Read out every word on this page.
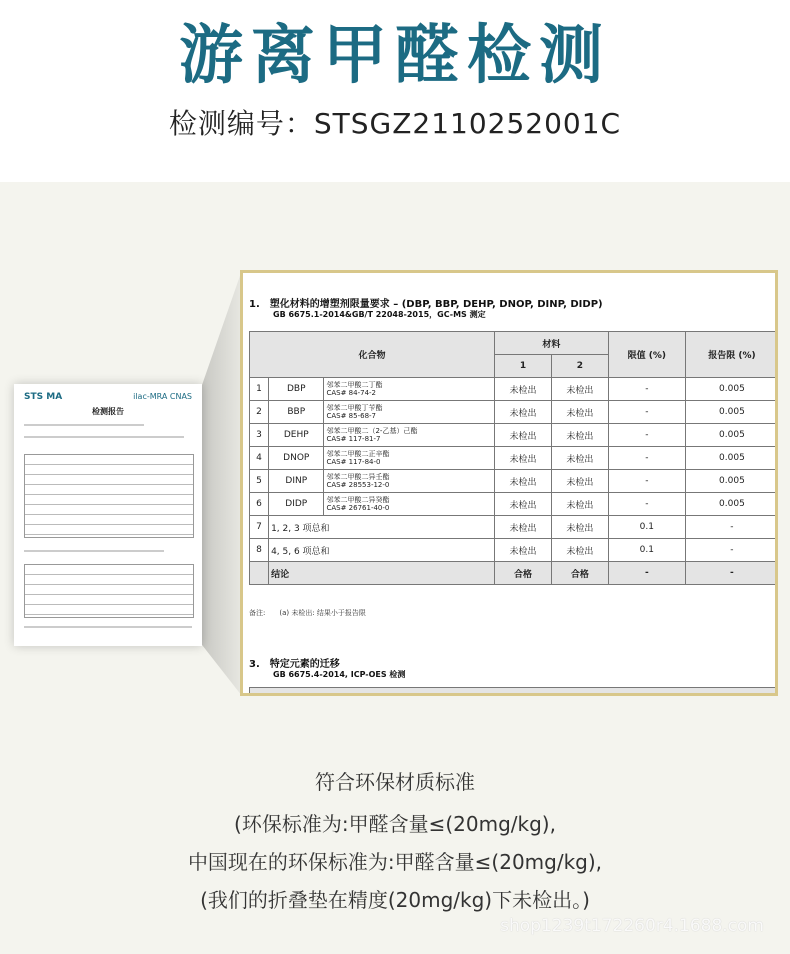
游离甲醛检测
检测编号：STSGZ2110252001C
STS MA	ilac-MRA CNAS
检测报告
1.　塑化材料的增塑剂限量要求 – (DBP, BBP, DEHP, DNOP, DINP, DIDP)
GB 6675.1-2014&GB/T 22048-2015，GC-MS 测定
化合物			材料		限值 (%)	报告限 (%)
			1	2		
1	DBP	邻苯二甲酸二丁酯
CAS# 84-74-2	未检出	未检出	-	0.005
2	BBP	邻苯二甲酸丁苄酯
CAS# 85-68-7	未检出	未检出	-	0.005
3	DEHP	邻苯二甲酸二（2-乙基）己酯
CAS# 117-81-7	未检出	未检出	-	0.005
4	DNOP	邻苯二甲酸二正辛酯
CAS# 117-84-0	未检出	未检出	-	0.005
5	DINP	邻苯二甲酸二异壬酯
CAS# 28553-12-0	未检出	未检出	-	0.005
6	DIDP	邻苯二甲酸二异癸酯
CAS# 26761-40-0	未检出	未检出	-	0.005
7	1, 2, 3 项总和		未检出	未检出	0.1	-
8	4, 5, 6 项总和		未检出	未检出	0.1	-
	结论		合格	合格	-	-
备注:　　(a) 未检出: 结果小于报告限
3.　特定元素的迁移
GB 6675.4-2014, ICP-OES 检测
符合环保材质标准
(环保标准为:甲醛含量≤(20mg/kg),
中国现在的环保标准为:甲醛含量≤(20mg/kg),
(我们的折叠垫在精度(20mg/kg)下未检出。)
shop1239t172260r4.1688.com
